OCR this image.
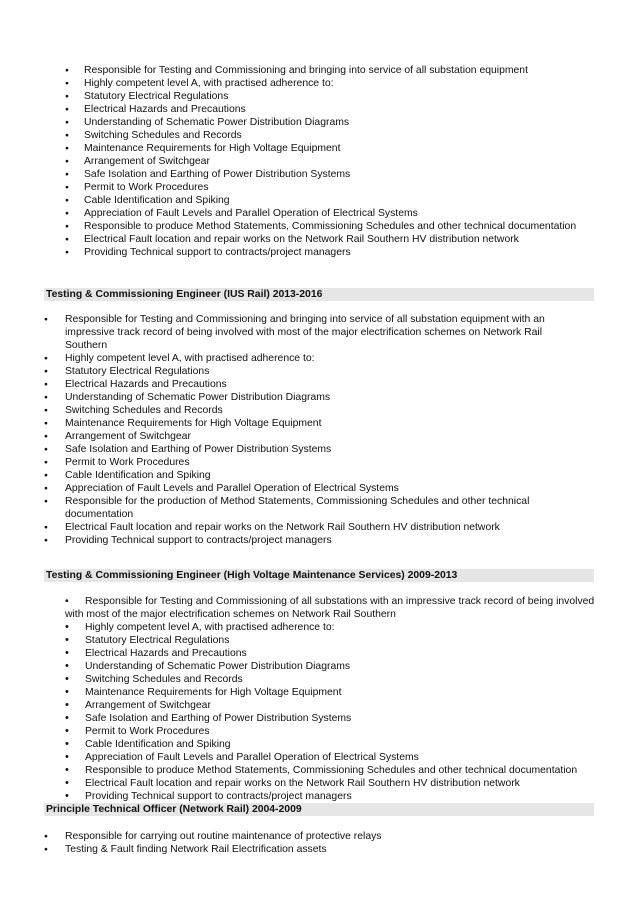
● Responsible for Testing and Commissioning and bringing into service of all substation equipment
● Highly competent level A, with practised adherence to:
● Statutory Electrical Regulations
● Electrical Hazards and Precautions
● Understanding of Schematic Power Distribution Diagrams
● Switching Schedules and Records
● Maintenance Requirements for High Voltage Equipment
● Arrangement of Switchgear
● Safe Isolation and Earthing of Power Distribution Systems
● Permit to Work Procedures
● Cable Identification and Spiking
● Appreciation of Fault Levels and Parallel Operation of Electrical Systems
● Responsible to produce Method Statements, Commissioning Schedules and other technical documentation
● Electrical Fault location and repair works on the Network Rail Southern HV distribution network
● Providing Technical support to contracts/project managers
Testing & Commissioning Engineer (IUS Rail) 2013-2016
● Responsible for Testing and Commissioning and bringing into service of all substation equipment with an impressive track record of being involved with most of the major electrification schemes on Network Rail Southern
● Highly competent level A, with practised adherence to:
● Statutory Electrical Regulations
● Electrical Hazards and Precautions
● Understanding of Schematic Power Distribution Diagrams
● Switching Schedules and Records
● Maintenance Requirements for High Voltage Equipment
● Arrangement of Switchgear
● Safe Isolation and Earthing of Power Distribution Systems
● Permit to Work Procedures
● Cable Identification and Spiking
● Appreciation of Fault Levels and Parallel Operation of Electrical Systems
● Responsible for the production of Method Statements, Commissioning Schedules and other technical documentation
● Electrical Fault location and repair works on the Network Rail Southern HV distribution network
● Providing Technical support to contracts/project managers
Testing & Commissioning Engineer (High Voltage Maintenance Services) 2009-2013
• Responsible for Testing and Commissioning of all substations with an impressive track record of being involved with most of the major electrification schemes on Network Rail Southern
• Highly competent level A, with practised adherence to:
• Statutory Electrical Regulations
• Electrical Hazards and Precautions
• Understanding of Schematic Power Distribution Diagrams
• Switching Schedules and Records
• Maintenance Requirements for High Voltage Equipment
• Arrangement of Switchgear
• Safe Isolation and Earthing of Power Distribution Systems
• Permit to Work Procedures
• Cable Identification and Spiking
• Appreciation of Fault Levels and Parallel Operation of Electrical Systems
• Responsible to produce Method Statements, Commissioning Schedules and other technical documentation
• Electrical Fault location and repair works on the Network Rail Southern HV distribution network
• Providing Technical support to contracts/project managers
Principle Technical Officer (Network Rail) 2004-2009
● Responsible for carrying out routine maintenance of protective relays
● Testing & Fault finding Network Rail Electrification assets
